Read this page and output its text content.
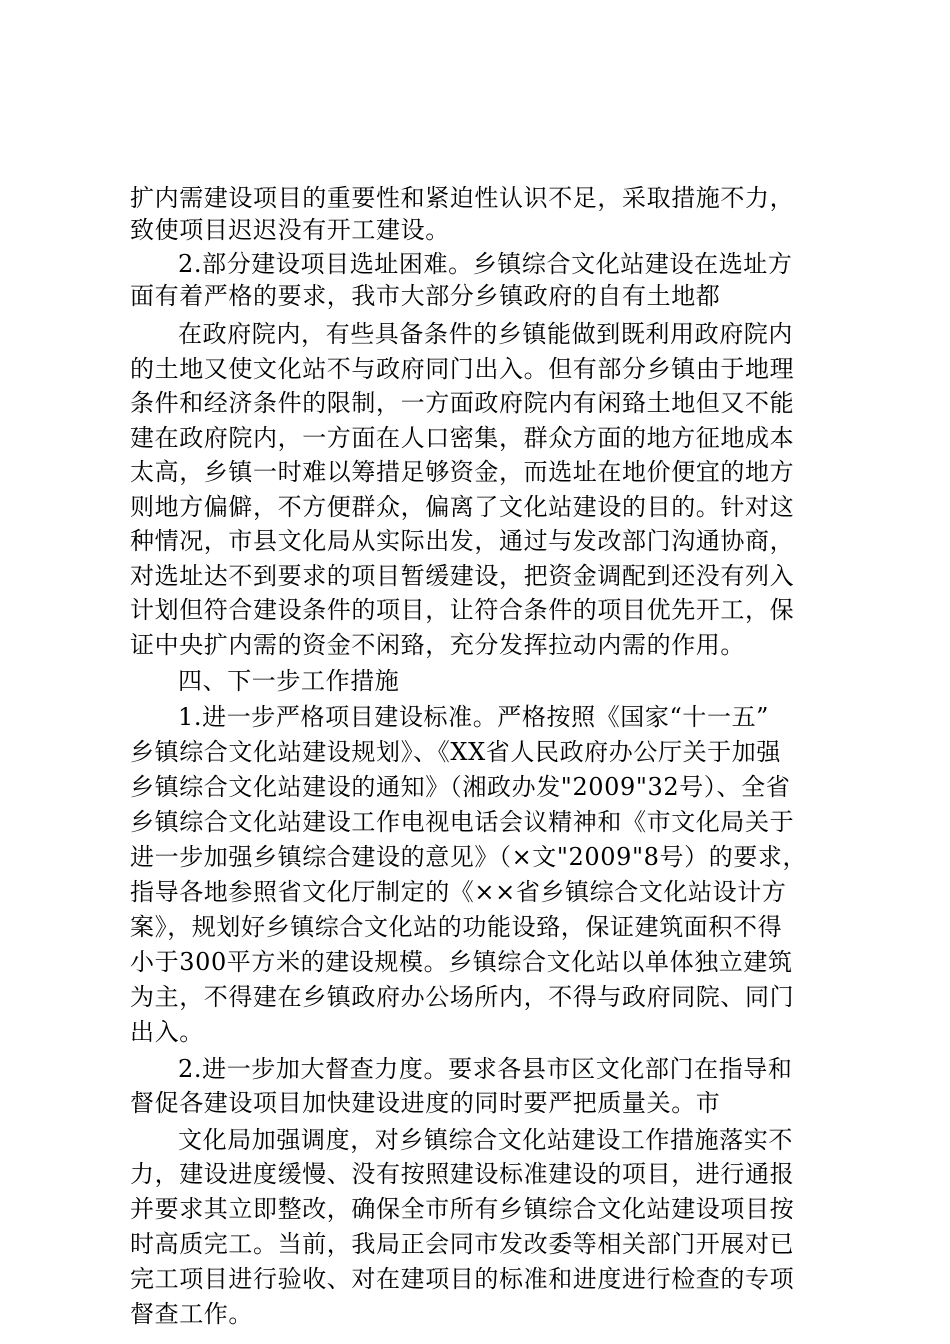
扩内需建设项目的重要性和紧迫性认识不足，采取措施不力，
致使项目迟迟没有开工建设。
2.部分建设项目选址困难。乡镇综合文化站建设在选址方
面有着严格的要求，我市大部分乡镇政府的自有土地都
在政府院内，有些具备条件的乡镇能做到既利用政府院内
的土地又使文化站不与政府同门出入。但有部分乡镇由于地理
条件和经济条件的限制，一方面政府院内有闲臵土地但又不能
建在政府院内，一方面在人口密集，群众方面的地方征地成本
太高，乡镇一时难以筹措足够资金，而选址在地价便宜的地方
则地方偏僻，不方便群众，偏离了文化站建设的目的。针对这
种情况，市县文化局从实际出发，通过与发改部门沟通协商，
对选址达不到要求的项目暂缓建设，把资金调配到还没有列入
计划但符合建设条件的项目，让符合条件的项目优先开工，保
证中央扩内需的资金不闲臵，充分发挥拉动内需的作用。
四、下一步工作措施
1.进一步严格项目建设标准。严格按照《国家“十一五”
乡镇综合文化站建设规划》、《XX省人民政府办公厅关于加强
乡镇综合文化站建设的通知》（湘政办发"2009"32号）、全省
乡镇综合文化站建设工作电视电话会议精神和《市文化局关于
进一步加强乡镇综合建设的意见》（×文"2009"8号）的要求，
指导各地参照省文化厅制定的《××省乡镇综合文化站设计方
案》，规划好乡镇综合文化站的功能设臵，保证建筑面积不得
小于300平方米的建设规模。乡镇综合文化站以单体独立建筑
为主，不得建在乡镇政府办公场所内，不得与政府同院、同门
出入。
2.进一步加大督查力度。要求各县市区文化部门在指导和
督促各建设项目加快建设进度的同时要严把质量关。市
文化局加强调度，对乡镇综合文化站建设工作措施落实不
力，建设进度缓慢、没有按照建设标准建设的项目，进行通报
并要求其立即整改，确保全市所有乡镇综合文化站建设项目按
时高质完工。当前，我局正会同市发改委等相关部门开展对已
完工项目进行验收、对在建项目的标准和进度进行检查的专项
督查工作。
